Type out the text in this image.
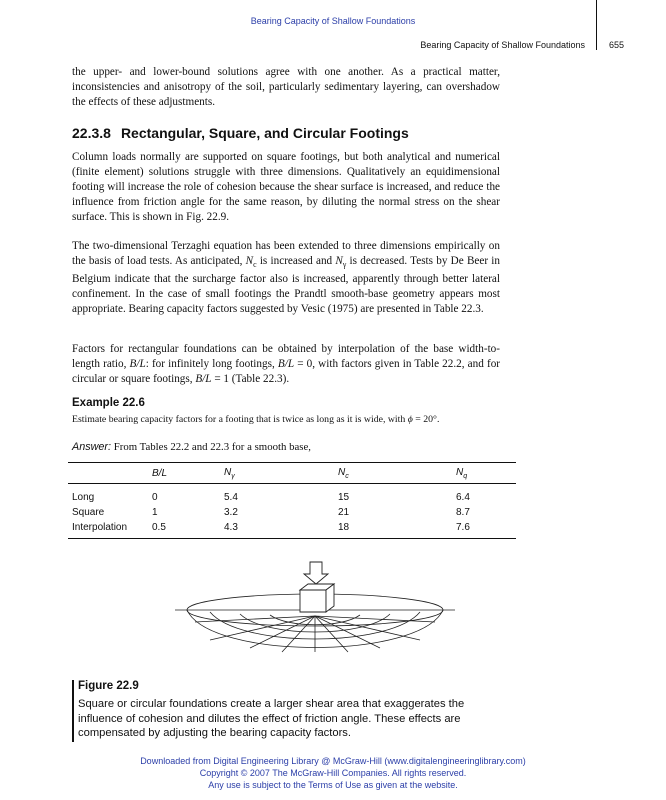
Bearing Capacity of Shallow Foundations
Bearing Capacity of Shallow Foundations	655

the upper- and lower-bound solutions agree with one another. As a practical matter, inconsistencies and anisotropy of the soil, particularly sedimentary layering, can overshadow the effects of these adjustments.

22.3.8 Rectangular, Square, and Circular Footings

Column loads normally are supported on square footings, but both analytical and numerical (finite element) solutions struggle with three dimensions. Qualitatively an equidimensional footing will increase the role of cohesion because the shear surface is increased, and reduce the influence from friction angle for the same reason, by diluting the normal stress on the shear surface. This is shown in Fig. 22.9.

The two-dimensional Terzaghi equation has been extended to three dimensions empirically on the basis of load tests. As anticipated, $N_c$ is increased and $N_\gamma$ is decreased. Tests by De Beer in Belgium indicate that the surcharge factor also is increased, apparently through better lateral confinement. In the case of small footings the Prandtl smooth-base geometry appears most appropriate. Bearing capacity factors suggested by Vesic (1975) are presented in Table 22.3.

Factors for rectangular foundations can be obtained by interpolation of the base width-to-length ratio, B/L: for infinitely long footings, B/L = 0, with factors given in Table 22.2, and for circular or square footings, B/L = 1 (Table 22.3).

Example 22.6
Estimate bearing capacity factors for a footing that is twice as long as it is wide, with ϕ = 20°.
Answer: From Tables 22.2 and 22.3 for a smooth base,
	B/L	$N_\gamma$	$N_c$	$N_q$
Long	0	5.4	15	6.4
Square	1	3.2	21	8.7
Interpolation	0.5	4.3	18	7.6
Figure 22.9
Square or circular foundations create a larger shear area that exaggerates the influence of cohesion and dilutes the effect of friction angle. These effects are compensated by adjusting the bearing capacity factors.
Downloaded from Digital Engineering Library @ McGraw-Hill (www.digitalengineeringlibrary.com)
Copyright © 2007 The McGraw-Hill Companies. All rights reserved.
Any use is subject to the Terms of Use as given at the website.
